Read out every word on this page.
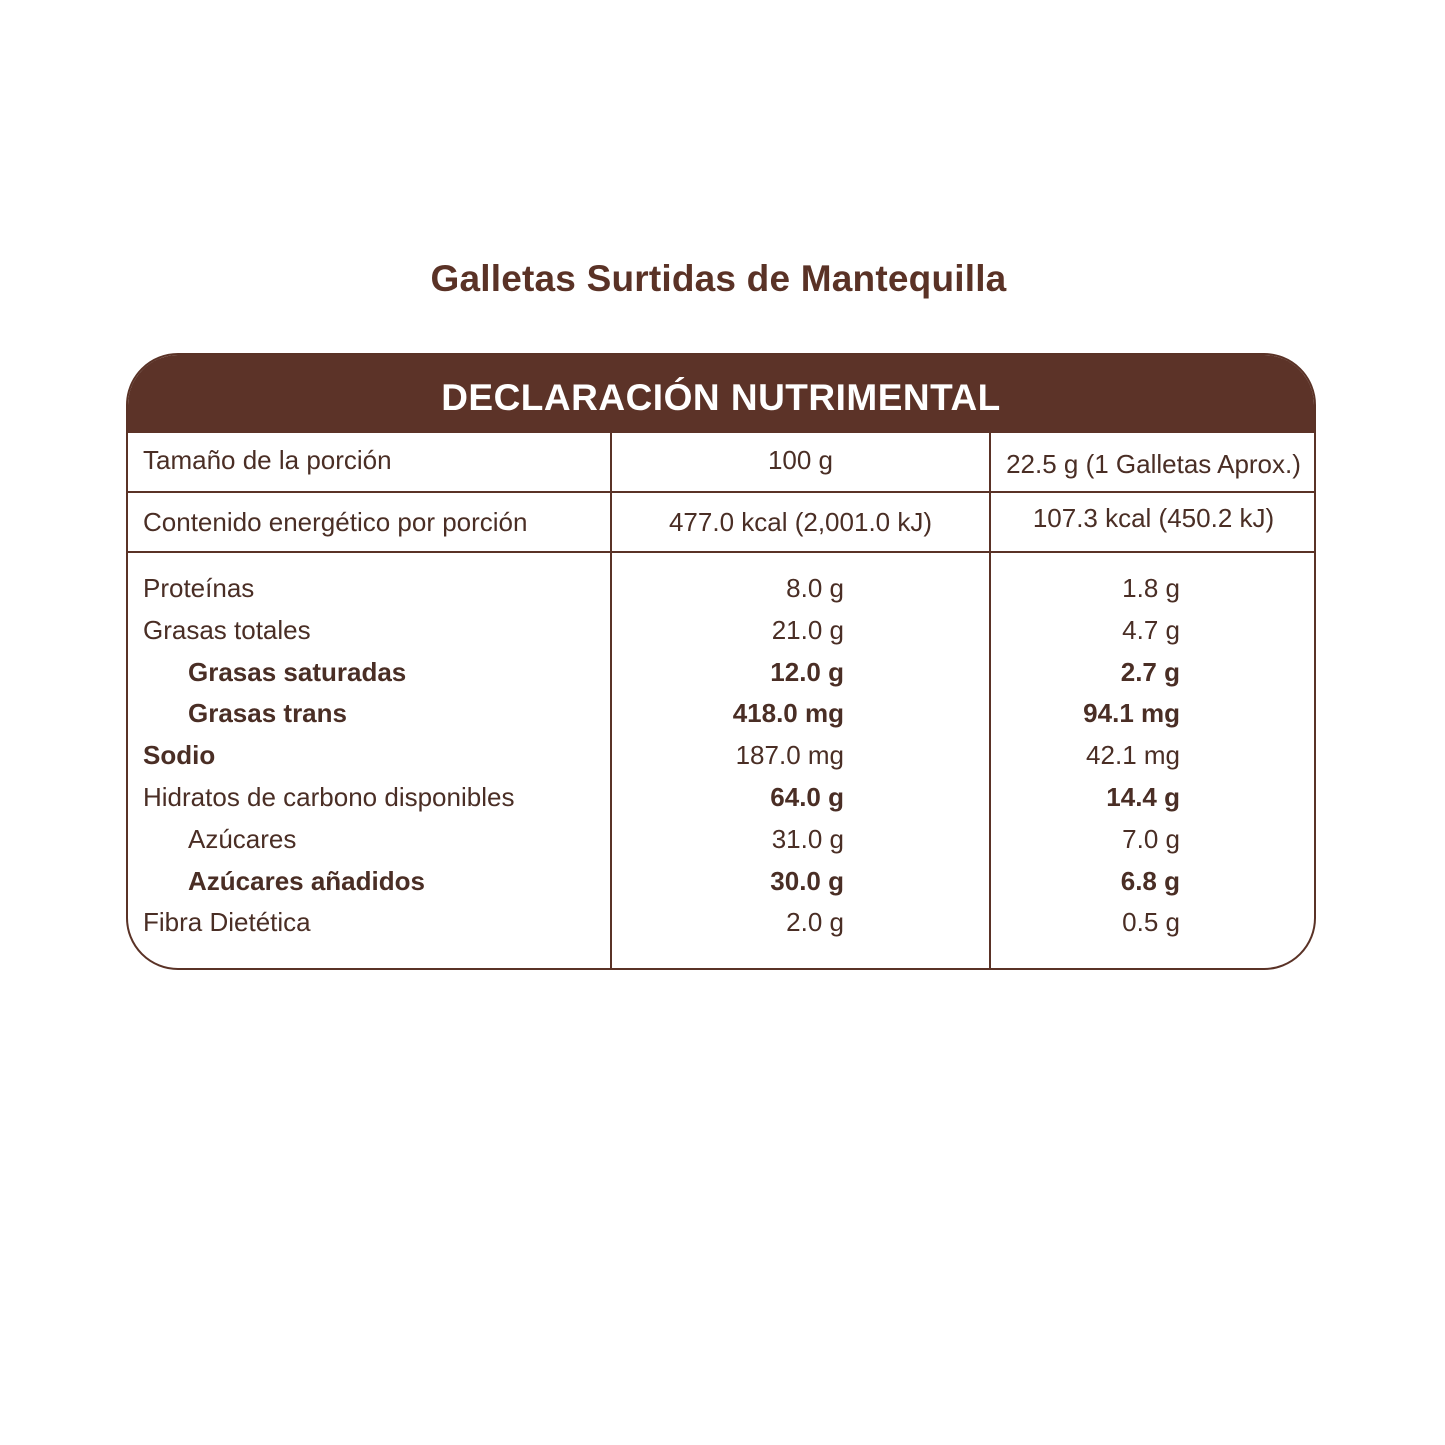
Galletas Surtidas de Mantequilla
DECLARACIÓN NUTRIMENTAL
Tamaño de la porción	100 g	22.5 g (1 Galletas Aprox.)
Contenido energético por porción	477.0 kcal (2,001.0 kJ)	107.3 kcal (450.2 kJ)
Proteínas	8.0 g	1.8 g
Grasas totales	21.0 g	4.7 g
Grasas saturadas	12.0 g	2.7 g
Grasas trans	418.0 mg	94.1 mg
Sodio	187.0 mg	42.1 mg
Hidratos de carbono disponibles	64.0 g	14.4 g
Azúcares	31.0 g	7.0 g
Azúcares añadidos	30.0 g	6.8 g
Fibra Dietética	2.0 g	0.5 g
